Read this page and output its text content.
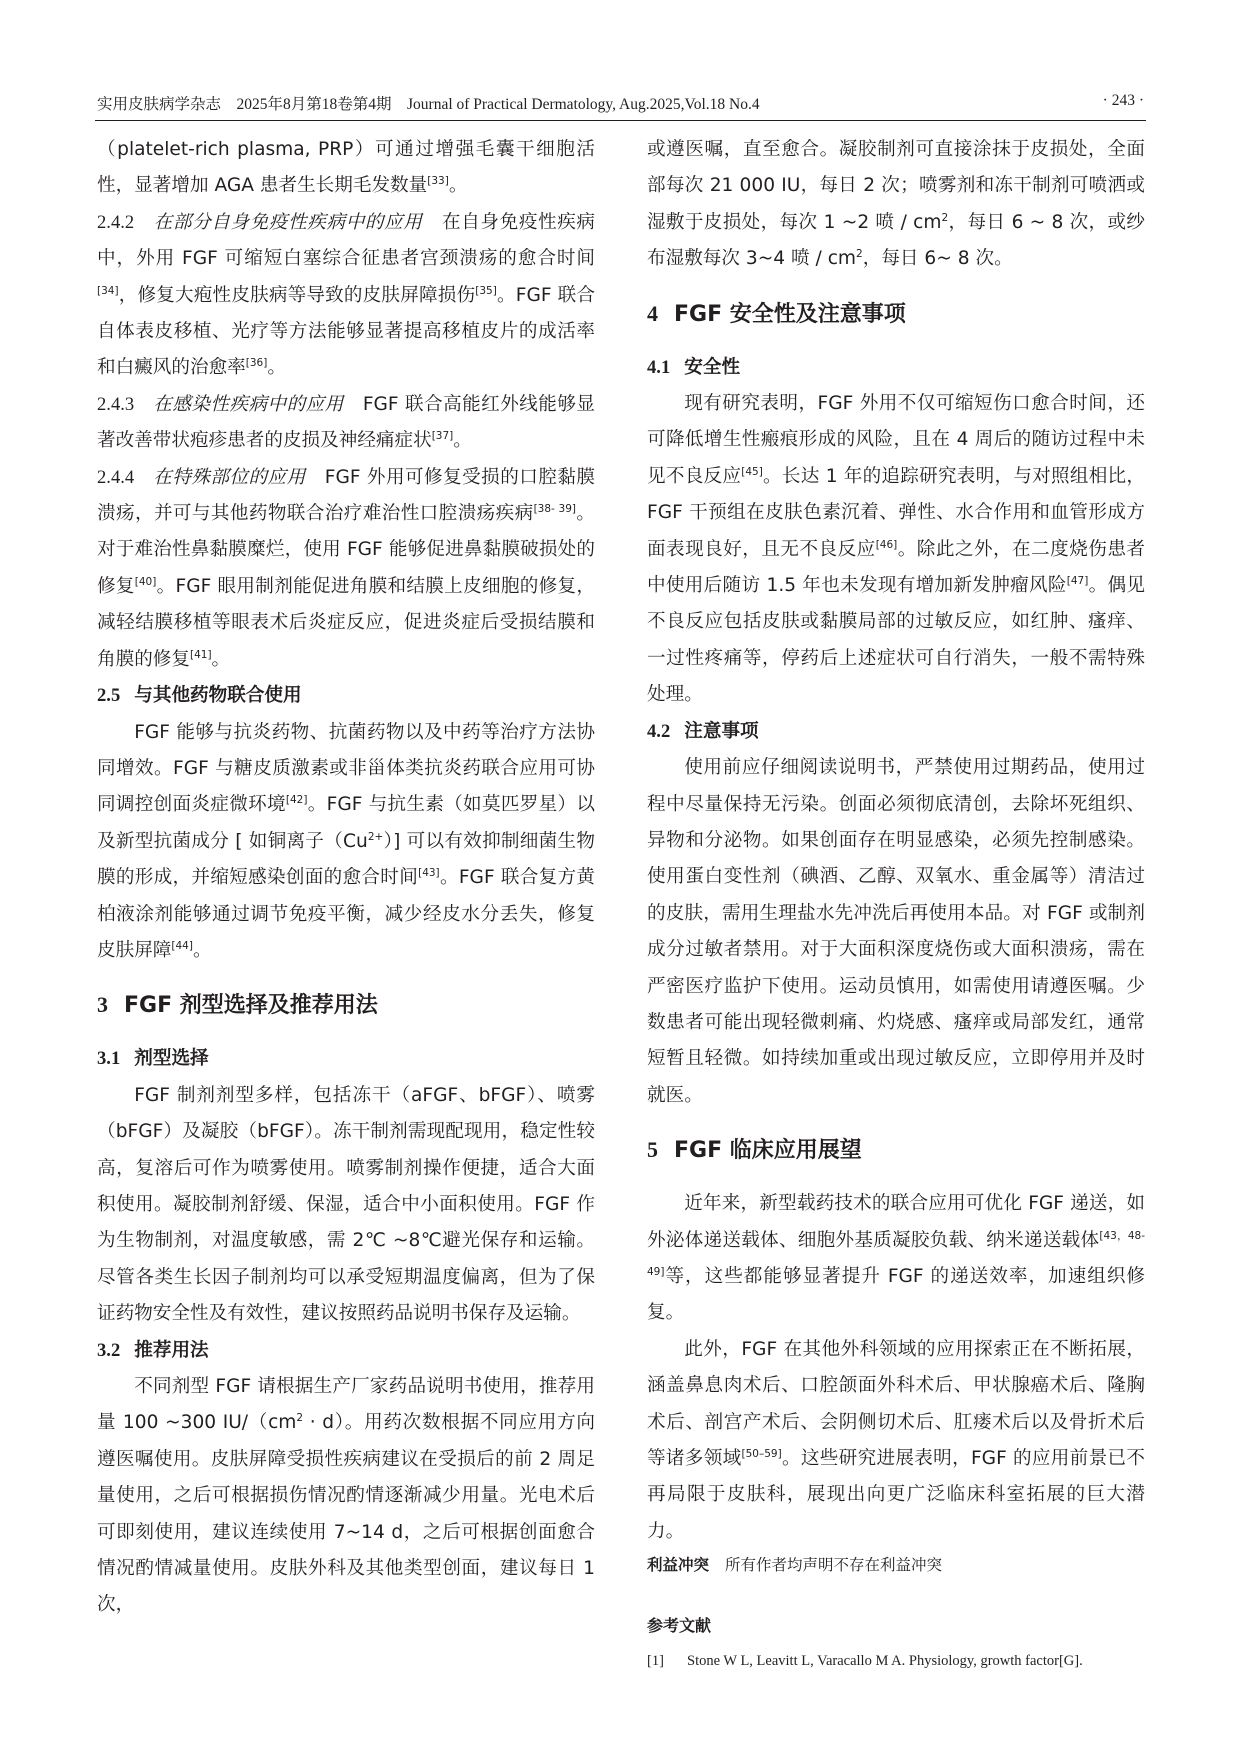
实用皮肤病学杂志　2025年8月第18卷第4期　Journal of Practical Dermatology, Aug.2025,Vol.18 No.4	· 243 ·

（platelet-rich plasma, PRP）可通过增强毛囊干细胞活性，显著增加 AGA 患者生长期毛发数量[33]。

2.4.2 在部分自身免疫性疾病中的应用 在自身免疫性疾病中，外用 FGF 可缩短白塞综合征患者宫颈溃疡的愈合时间[34]，修复大疱性皮肤病等导致的皮肤屏障损伤[35]。FGF 联合自体表皮移植、光疗等方法能够显著提高移植皮片的成活率和白癜风的治愈率[36]。

2.4.3 在感染性疾病中的应用 FGF 联合高能红外线能够显著改善带状疱疹患者的皮损及神经痛症状[37]。

2.4.4 在特殊部位的应用 FGF 外用可修复受损的口腔黏膜溃疡，并可与其他药物联合治疗难治性口腔溃疡疾病[38- 39]。对于难治性鼻黏膜糜烂，使用 FGF 能够促进鼻黏膜破损处的修复[40]。FGF 眼用制剂能促进角膜和结膜上皮细胞的修复，减轻结膜移植等眼表术后炎症反应，促进炎症后受损结膜和角膜的修复[41]。

2.5 与其他药物联合使用

FGF 能够与抗炎药物、抗菌药物以及中药等治疗方法协同增效。FGF 与糖皮质激素或非甾体类抗炎药联合应用可协同调控创面炎症微环境[42]。FGF 与抗生素（如莫匹罗星）以及新型抗菌成分 [ 如铜离子$(Cu^{2+})$] 可以有效抑制细菌生物膜的形成，并缩短感染创面的愈合时间[43]。FGF 联合复方黄柏液涂剂能够通过调节免疫平衡，减少经皮水分丢失，修复皮肤屏障[44]。

3 FGF 剂型选择及推荐用法

3.1 剂型选择

FGF 制剂剂型多样，包括冻干（aFGF、bFGF）、喷雾（bFGF）及凝胶（bFGF）。冻干制剂需现配现用，稳定性较高，复溶后可作为喷雾使用。喷雾制剂操作便捷，适合大面积使用。凝胶制剂舒缓、保湿，适合中小面积使用。FGF 作为生物制剂，对温度敏感，需 2℃ ~8℃避光保存和运输。尽管各类生长因子制剂均可以承受短期温度偏离，但为了保证药物安全性及有效性，建议按照药品说明书保存及运输。

3.2 推荐用法

不同剂型 FGF 请根据生产厂家药品说明书使用，推荐用量 100 ~300 $IU/(cm^2 \cdot d)$。用药次数根据不同应用方向遵医嘱使用。皮肤屏障受损性疾病建议在受损后的前 2 周足量使用，之后可根据损伤情况酌情逐渐减少用量。光电术后可即刻使用，建议连续使用 7~14 d，之后可根据创面愈合情况酌情减量使用。皮肤外科及其他类型创面，建议每日 1 次，

或遵医嘱，直至愈合。凝胶制剂可直接涂抹于皮损处，全面部每次 21 000 IU，每日 2 次；喷雾剂和冻干制剂可喷洒或湿敷于皮损处，每次 1 ~2 喷 / $cm^2$，每日 6 ~ 8 次，或纱布湿敷每次 3~4 喷 / $cm^2$，每日 6~ 8 次。

4 FGF 安全性及注意事项

4.1 安全性

现有研究表明，FGF 外用不仅可缩短伤口愈合时间，还可降低增生性瘢痕形成的风险，且在 4 周后的随访过程中未见不良反应[45]。长达 1 年的追踪研究表明，与对照组相比，FGF 干预组在皮肤色素沉着、弹性、水合作用和血管形成方面表现良好，且无不良反应[46]。除此之外，在二度烧伤患者中使用后随访 1.5 年也未发现有增加新发肿瘤风险[47]。偶见不良反应包括皮肤或黏膜局部的过敏反应，如红肿、瘙痒、一过性疼痛等，停药后上述症状可自行消失，一般不需特殊处理。

4.2 注意事项

使用前应仔细阅读说明书，严禁使用过期药品，使用过程中尽量保持无污染。创面必须彻底清创，去除坏死组织、异物和分泌物。如果创面存在明显感染，必须先控制感染。使用蛋白变性剂（碘酒、乙醇、双氧水、重金属等）清洁过的皮肤，需用生理盐水先冲洗后再使用本品。对 FGF 或制剂成分过敏者禁用。对于大面积深度烧伤或大面积溃疡，需在严密医疗监护下使用。运动员慎用，如需使用请遵医嘱。少数患者可能出现轻微刺痛、灼烧感、瘙痒或局部发红，通常短暂且轻微。如持续加重或出现过敏反应，立即停用并及时就医。

5 FGF 临床应用展望

近年来，新型载药技术的联合应用可优化 FGF 递送，如外泌体递送载体、细胞外基质凝胶负载、纳米递送载体[43，48-49]等，这些都能够显著提升 FGF 的递送效率，加速组织修复。

此外，FGF 在其他外科领域的应用探索正在不断拓展，涵盖鼻息肉术后、口腔颌面外科术后、甲状腺癌术后、隆胸术后、剖宫产术后、会阴侧切术后、肛瘘术后以及骨折术后等诸多领域[50–59]。这些研究进展表明，FGF 的应用前景已不再局限于皮肤科，展现出向更广泛临床科室拓展的巨大潜力。

利益冲突 所有作者均声明不存在利益冲突
参考文献
[1] Stone W L, Leavitt L, Varacallo M A. Physiology, growth factor[G].
